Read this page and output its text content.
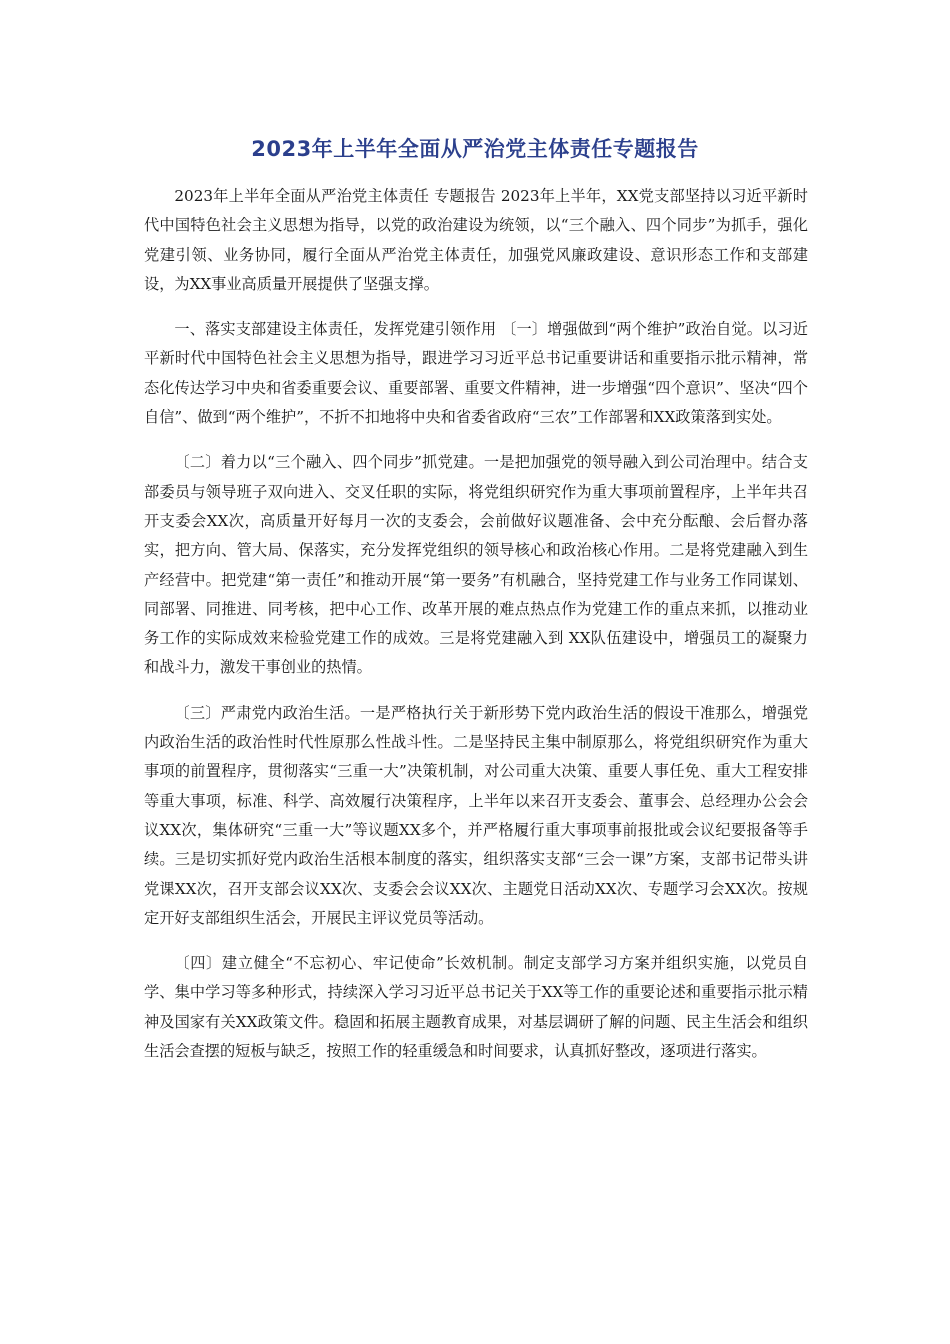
2023年上半年全面从严治党主体责任专题报告

2023年上半年全面从严治党主体责任 专题报告 2023年上半年，XX党支部坚持以习近平新时代中国特色社会主义思想为指导，以党的政治建设为统领，以“三个融入、四个同步”为抓手，强化党建引领、业务协同，履行全面从严治党主体责任，加强党风廉政建设、意识形态工作和支部建设，为XX事业高质量开展提供了坚强支撑。

一、落实支部建设主体责任，发挥党建引领作用 〔一〕增强做到“两个维护”政治自觉。以习近平新时代中国特色社会主义思想为指导，跟进学习习近平总书记重要讲话和重要指示批示精神，常态化传达学习中央和省委重要会议、重要部署、重要文件精神，进一步增强“四个意识”、坚决“四个自信”、做到“两个维护”，不折不扣地将中央和省委省政府“三农”工作部署和XX政策落到实处。

〔二〕着力以“三个融入、四个同步”抓党建。一是把加强党的领导融入到公司治理中。结合支部委员与领导班子双向进入、交叉任职的实际，将党组织研究作为重大事项前置程序，上半年共召开支委会XX次，高质量开好每月一次的支委会，会前做好议题准备、会中充分酝酿、会后督办落实，把方向、管大局、保落实，充分发挥党组织的领导核心和政治核心作用。二是将党建融入到生产经营中。把党建“第一责任”和推动开展“第一要务”有机融合，坚持党建工作与业务工作同谋划、同部署、同推进、同考核，把中心工作、改革开展的难点热点作为党建工作的重点来抓，以推动业务工作的实际成效来检验党建工作的成效。三是将党建融入到 XX队伍建设中，增强员工的凝聚力和战斗力，激发干事创业的热情。

〔三〕严肃党内政治生活。一是严格执行关于新形势下党内政治生活的假设干准那么，增强党内政治生活的政治性时代性原那么性战斗性。二是坚持民主集中制原那么，将党组织研究作为重大事项的前置程序，贯彻落实“三重一大”决策机制，对公司重大决策、重要人事任免、重大工程安排等重大事项，标准、科学、高效履行决策程序，上半年以来召开支委会、董事会、总经理办公会会议XX次，集体研究“三重一大”等议题XX多个，并严格履行重大事项事前报批或会议纪要报备等手续。三是切实抓好党内政治生活根本制度的落实，组织落实支部“三会一课”方案，支部书记带头讲党课XX次，召开支部会议XX次、支委会会议XX次、主题党日活动XX次、专题学习会XX次。按规定开好支部组织生活会，开展民主评议党员等活动。

〔四〕建立健全“不忘初心、牢记使命”长效机制。制定支部学习方案并组织实施，以党员自学、集中学习等多种形式，持续深入学习习近平总书记关于XX等工作的重要论述和重要指示批示精神及国家有关XX政策文件。稳固和拓展主题教育成果，对基层调研了解的问题、民主生活会和组织生活会查摆的短板与缺乏，按照工作的轻重缓急和时间要求，认真抓好整改，逐项进行落实。
